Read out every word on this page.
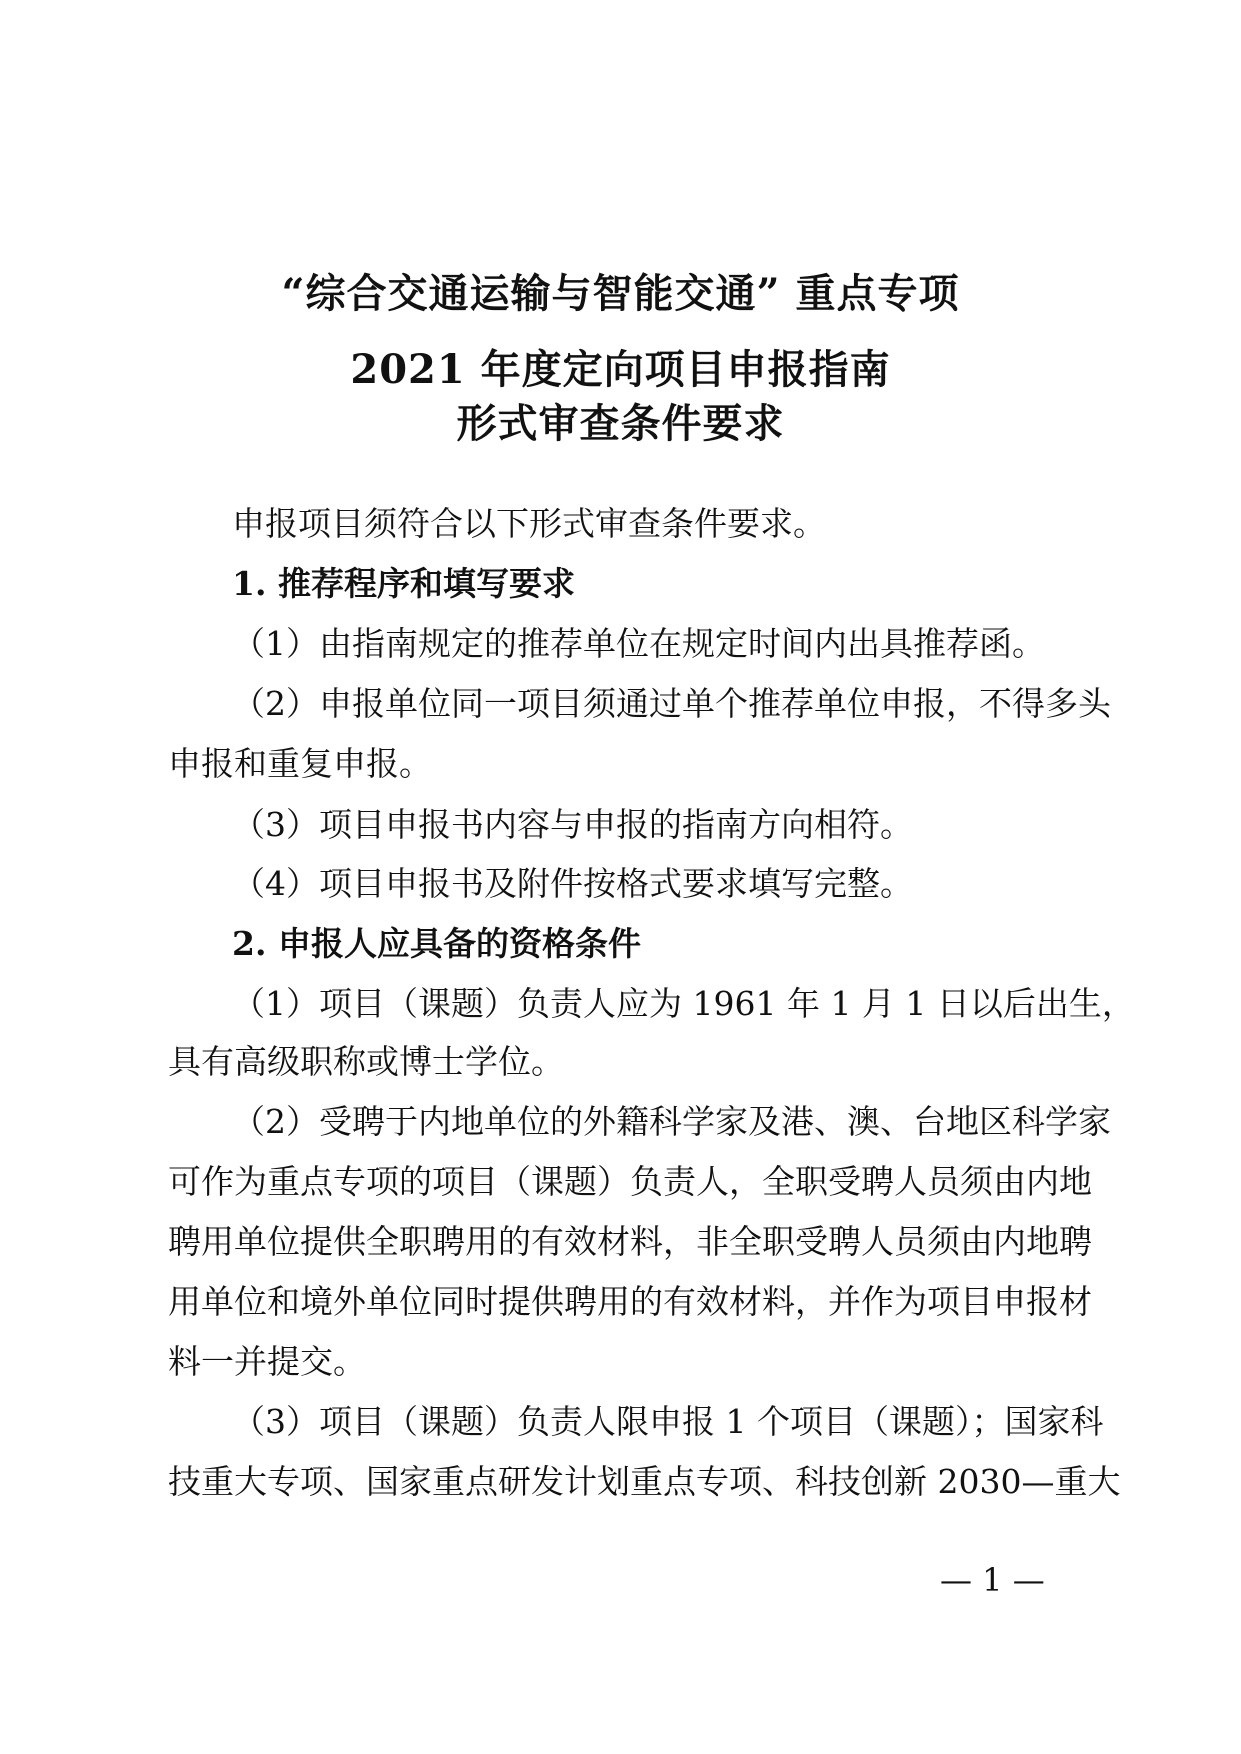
“综合交通运输与智能交通” 重点专项
2021 年度定向项目申报指南
形式审查条件要求
申报项目须符合以下形式审查条件要求。
1. 推荐程序和填写要求
（1）由指南规定的推荐单位在规定时间内出具推荐函。
（2）申报单位同一项目须通过单个推荐单位申报，不得多头
申报和重复申报。
（3）项目申报书内容与申报的指南方向相符。
（4）项目申报书及附件按格式要求填写完整。
2. 申报人应具备的资格条件
（1）项目（课题）负责人应为 1961 年 1 月 1 日以后出生，
具有高级职称或博士学位。
（2）受聘于内地单位的外籍科学家及港、澳、台地区科学家
可作为重点专项的项目（课题）负责人，全职受聘人员须由内地
聘用单位提供全职聘用的有效材料，非全职受聘人员须由内地聘
用单位和境外单位同时提供聘用的有效材料，并作为项目申报材
料一并提交。
（3）项目（课题）负责人限申报 1 个项目（课题）；国家科
技重大专项、国家重点研发计划重点专项、科技创新 2030—重大
— 1 —
